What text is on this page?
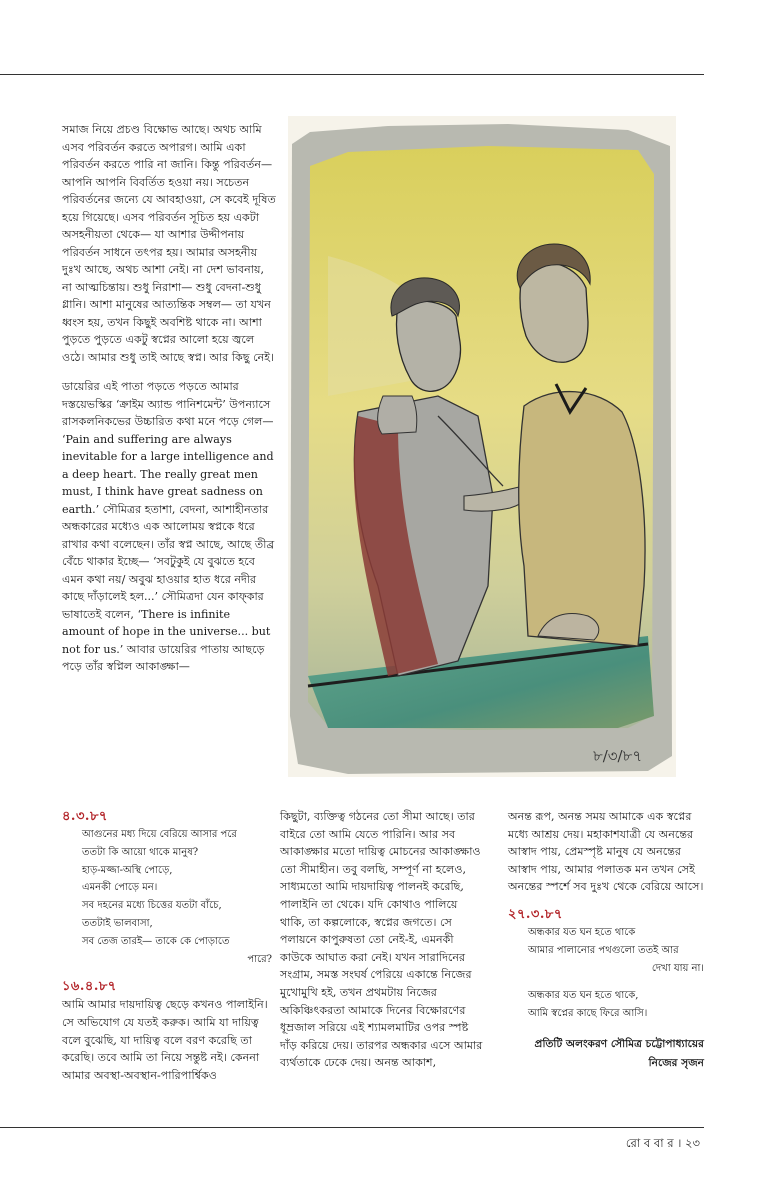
সমাজ নিয়ে প্রচণ্ড বিক্ষোভ আছে। অথচ আমি এসব পরিবর্তন করতে অপারগ। আমি একা পরিবর্তন করতে পারি না জানি। কিন্তু পরিবর্তন— আপনি আপনি বিবর্তিত হওয়া নয়। সচেতন পরিবর্তনের জন্যে যে আবহাওয়া, সে কবেই দূষিত হয়ে গিয়েছে। এসব পরিবর্তন সূচিত হয় একটা অসহনীয়তা থেকে— যা আশার উদ্দীপনায় পরিবর্তন সাধনে তৎপর হয়। আমার অসহনীয় দুঃখ আছে, অথচ আশা নেই। না দেশ ভাবনায়, না আত্মচিন্তায়। শুধু নিরাশা— শুধু বেদনা-শুধু গ্লানি। আশা মানুষের আত্যন্তিক সম্বল— তা যখন ধ্বংস হয়, তখন কিছুই অবশিষ্ট থাকে না। আশা পুড়তে পুড়তে একটু স্বপ্নের আলো হয়ে জ্বলে ওঠে। আমার শুধু তাই আছে স্বপ্ন। আর কিছু নেই।

ডায়েরির এই পাতা পড়তে পড়তে আমার দস্তয়েভস্কির ‘ক্রাইম অ্যান্ড পানিশমেন্ট’ উপন্যাসে রাসকলনিকভের উচ্চারিত কথা মনে পড়ে গেল— ‘Pain and suffering are always inevitable for a large intelligence and a deep heart. The really great men must, I think have great sadness on earth.’ সৌমিত্রর হতাশা, বেদনা, আশাহীনতার অন্ধকারের মধ্যেও এক আলোময় স্বপ্নকে ধরে রাখার কথা বলেছেন। তাঁর স্বপ্ন আছে, আছে তীব্র বেঁচে থাকার ইচ্ছে— ‘সবটুকুই যে বুঝতে হবে এমন কথা নয়/ অবুঝ হাওয়ার হাত ধরে নদীর কাছে দাঁড়ালেই হল...’ সৌমিত্রদা যেন কাফ্‌কার ভাষাতেই বলেন, ‘There is infinite amount of hope in the universe... but not for us.’ আবার ডায়েরির পাতায় আছড়ে পড়ে তাঁর স্বপ্নিল আকাঙ্ক্ষা—

৮/৩/৮৭
৪.৩.৮৭
আগুনের মধ্য দিয়ে বেরিয়ে আসার পরে
ততটা কি আয়ো থাকে মানুষ?
হাড়-মজ্জা-অস্থি পোড়ে,
এমনকী পোড়ে মন।
সব দহনের মধ্যে চিত্তের যতটা বাঁচে,
ততটাই ভালবাসা,
সব তেজ তারই— তাকে কে পোড়াতে
পারে?
১৬.৪.৮৭

আমি আমার দায়দায়িত্ব ছেড়ে কখনও পালাইনি। সে অভিযোগ যে যতই করুক। আমি যা দায়িত্ব বলে বুঝেছি, যা দায়িত্ব বলে বরণ করেছি তা করেছি। তবে আমি তা নিয়ে সন্তুষ্ট নই। কেননা আমার অবস্থা-অবস্থান-পারিপার্শ্বিকও

কিছুটা, ব্যক্তিত্ব গঠনের তো সীমা আছে। তার বাইরে তো আমি যেতে পারিনি। আর সব আকাঙ্ক্ষার মতো দায়িত্ব মোচনের আকাঙ্ক্ষাও তো সীমাহীন। তবু বলছি, সম্পূর্ণ না হলেও, সাধ্যমতো আমি দায়দায়িত্ব পালনই করেছি, পালাইনি তা থেকে। যদি কোথাও পালিয়ে থাকি, তা কল্পলোকে, স্বপ্নের জগতে। সে পলায়নে কাপুরুষতা তো নেই-ই, এমনকী কাউকে আঘাত করা নেই। যখন সারাদিনের সংগ্রাম, সমস্ত সংঘর্ষ পেরিয়ে একান্তে নিজের মুখোমুখি হই, তখন প্রথমটায় নিজের অকিঞ্চিৎকরতা আমাকে দিনের বিক্ষোরণের ধূম্রজাল সরিয়ে এই শ্যামলমাটির ওপর স্পষ্ট দাঁড় করিয়ে দেয়। তারপর অন্ধকার এসে আমার ব্যর্থতাকে ঢেকে দেয়। অনন্ত আকাশ,

অনন্ত রূপ, অনন্ত সময় আমাকে এক স্বপ্নের মধ্যে আশ্রয় দেয়। মহাকাশযাত্রী যে অনন্তের আস্বাদ পায়, প্রেমস্পৃষ্ট মানুষ যে অনন্তের আস্বাদ পায়, আমার পলাতক মন তখন সেই অনন্তের স্পর্শে সব দুঃখ থেকে বেরিয়ে আসে।

২৭.৩.৮৭
অন্ধকার যত ঘন হতে থাকে
আমার পালানোর পথগুলো ততই আর
দেখা যায় না।
অন্ধকার যত ঘন হতে থাকে,
আমি স্বপ্নের কাছে ফিরে আসি।
প্রতিটি অলংকরণ সৌমিত্র চট্টোপাধ্যায়ের
নিজের সৃজন
রো ব বা র । ২৩
